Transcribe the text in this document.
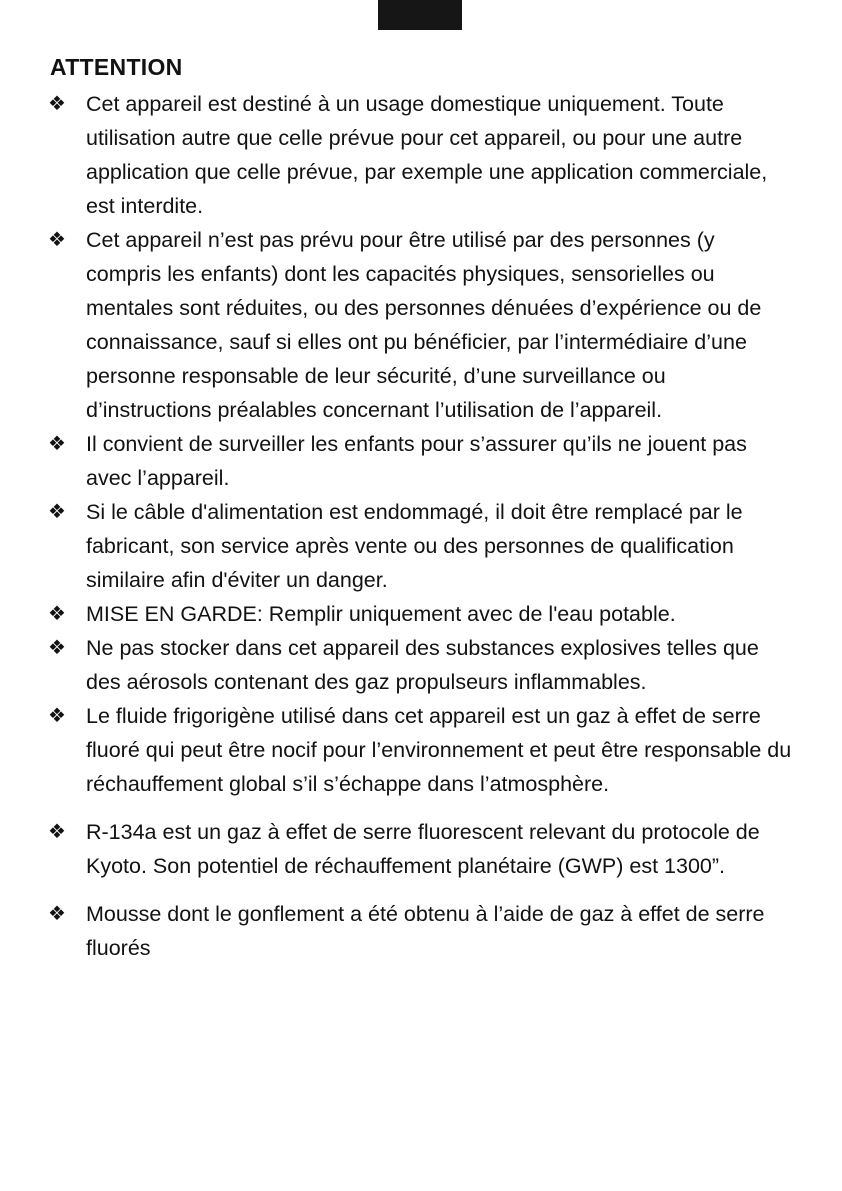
ATTENTION
❖ Cet appareil est destiné à un usage domestique uniquement. Toute utilisation autre que celle prévue pour cet appareil, ou pour une autre application que celle prévue, par exemple une application commerciale, est interdite.
❖ Cet appareil n’est pas prévu pour être utilisé par des personnes (y compris les enfants) dont les capacités physiques, sensorielles ou mentales sont réduites, ou des personnes dénuées d’expérience ou de connaissance, sauf si elles ont pu bénéficier, par l’intermédiaire d’une personne responsable de leur sécurité, d’une surveillance ou d’instructions préalables concernant l’utilisation de l’appareil.
❖ Il convient de surveiller les enfants pour s’assurer qu’ils ne jouent pas avec l’appareil.
❖ Si le câble d'alimentation est endommagé, il doit être remplacé par le fabricant, son service après vente ou des personnes de qualification similaire afin d'éviter un danger.
❖ MISE EN GARDE: Remplir uniquement avec de l'eau potable.
❖ Ne pas stocker dans cet appareil des substances explosives telles que des aérosols contenant des gaz propulseurs inflammables.
❖ Le fluide frigorigène utilisé dans cet appareil est un gaz à effet de serre fluoré qui peut être nocif pour l’environnement et peut être responsable du réchauffement global s’il s’échappe dans l’atmosphère.
❖ R-134a est un gaz à effet de serre fluorescent relevant du protocole de Kyoto. Son potentiel de réchauffement planétaire (GWP) est 1300”.
❖ Mousse dont le gonflement a été obtenu à l’aide de gaz à effet de serre fluorés
